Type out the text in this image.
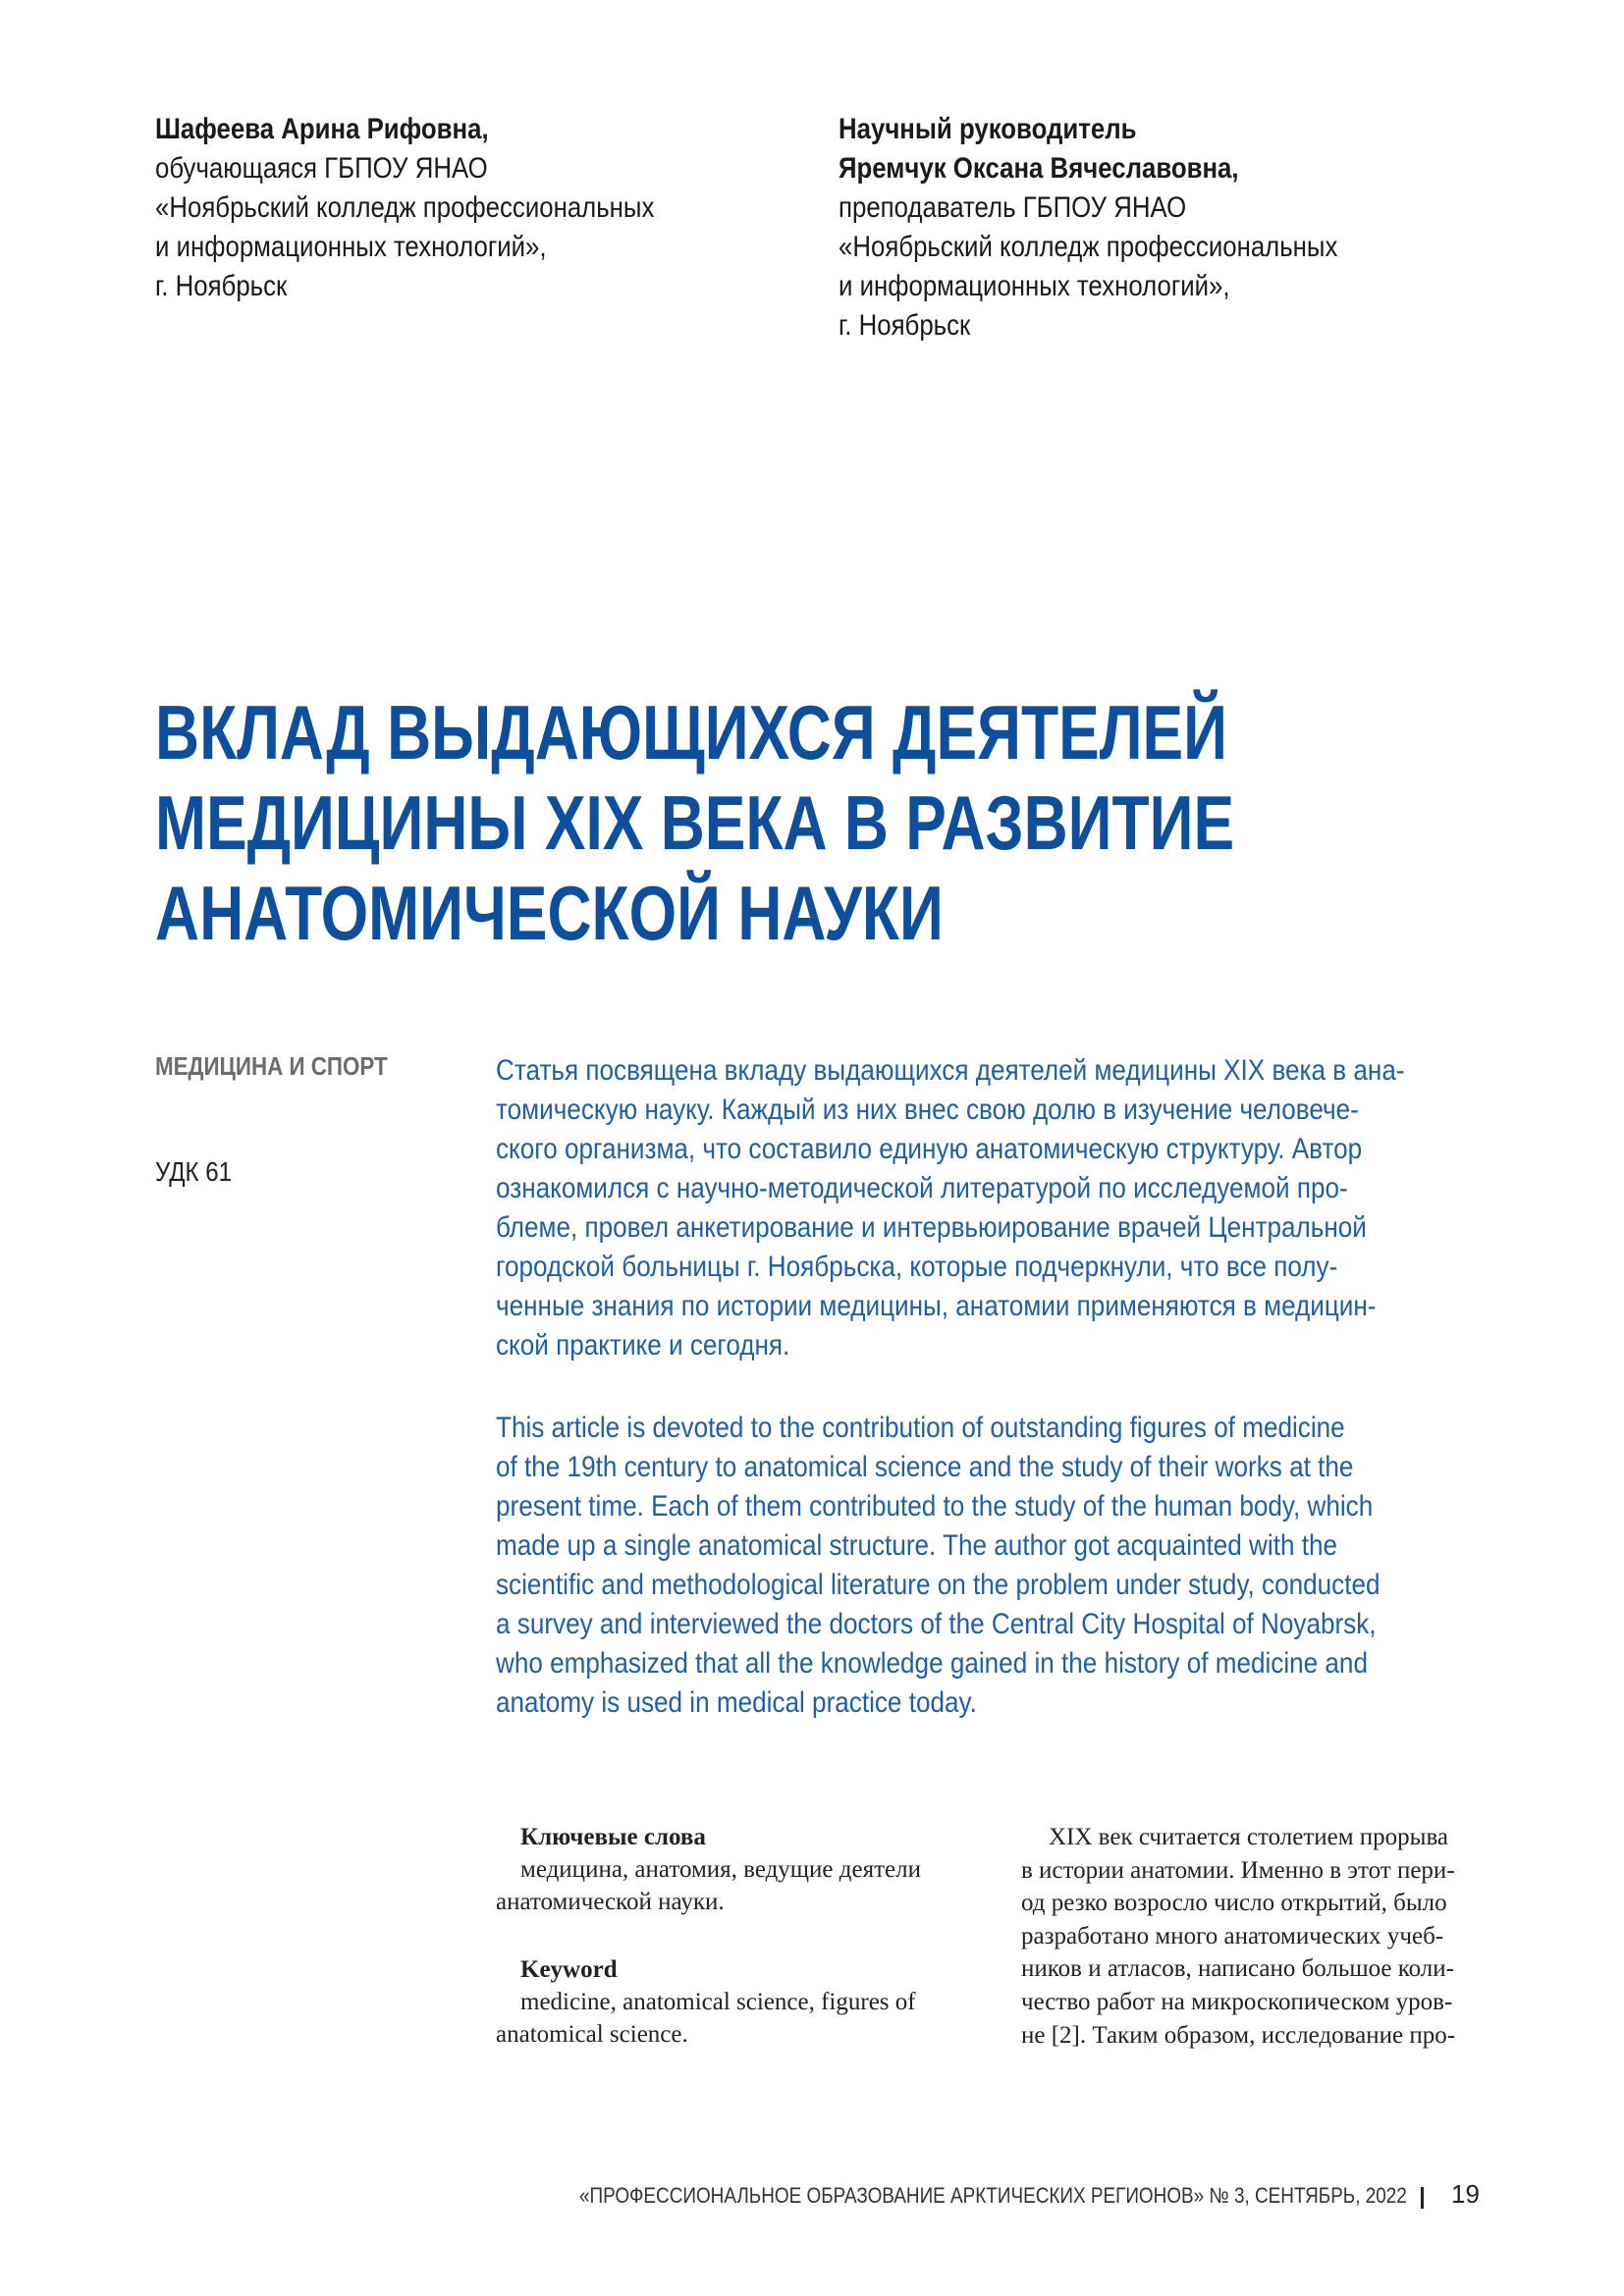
Шафеева Арина Рифовна,
обучающаяся ГБПОУ ЯНАО
«Ноябрьский колледж профессиональных
и информационных технологий»,
г. Ноябрьск
Научный руководитель
Яремчук Оксана Вячеславовна,
преподаватель ГБПОУ ЯНАО
«Ноябрьский колледж профессиональных
и информационных технологий»,
г. Ноябрьск
ВКЛАД ВЫДАЮЩИХСЯ ДЕЯТЕЛЕЙ
МЕДИЦИНЫ XIX ВЕКА В РАЗВИТИЕ
АНАТОМИЧЕСКОЙ НАУКИ
МЕДИЦИНА И СПОРТ
УДК 61
Статья посвящена вкладу выдающихся деятелей медицины XIX века в ана-
томическую науку. Каждый из них внес свою долю в изучение человече-
ского организма, что составило единую анатомическую структуру. Автор
ознакомился с научно-методической литературой по исследуемой про-
блеме, провел анкетирование и интервьюирование врачей Центральной
городской больницы г. Ноябрьска, которые подчеркнули, что все полу-
ченные знания по истории медицины, анатомии применяются в медицин-
ской практике и сегодня.
This article is devoted to the contribution of outstanding figures of medicine
of the 19th century to anatomical science and the study of their works at the
present time. Each of them contributed to the study of the human body, which
made up a single anatomical structure. The author got acquainted with the
scientific and methodological literature on the problem under study, conducted
a survey and interviewed the doctors of the Central City Hospital of Noyabrsk,
who emphasized that all the knowledge gained in the history of medicine and
anatomy is used in medical practice today.
Ключевые слова
медицина, анатомия, ведущие деятели
анатомической науки.
Keyword
medicine, anatomical science, figures of
anatomical science.
XIX век считается столетием прорыва
в истории анатомии. Именно в этот пери-
од резко возросло число открытий, было
разработано много анатомических учеб-
ников и атласов, написано большое коли-
чество работ на микроскопическом уров-
не [2]. Таким образом, исследование про-
«ПРОФЕССИОНАЛЬНОЕ ОБРАЗОВАНИЕ АРКТИЧЕСКИХ РЕГИОНОВ» № 3, СЕНТЯБРЬ, 2022 19
